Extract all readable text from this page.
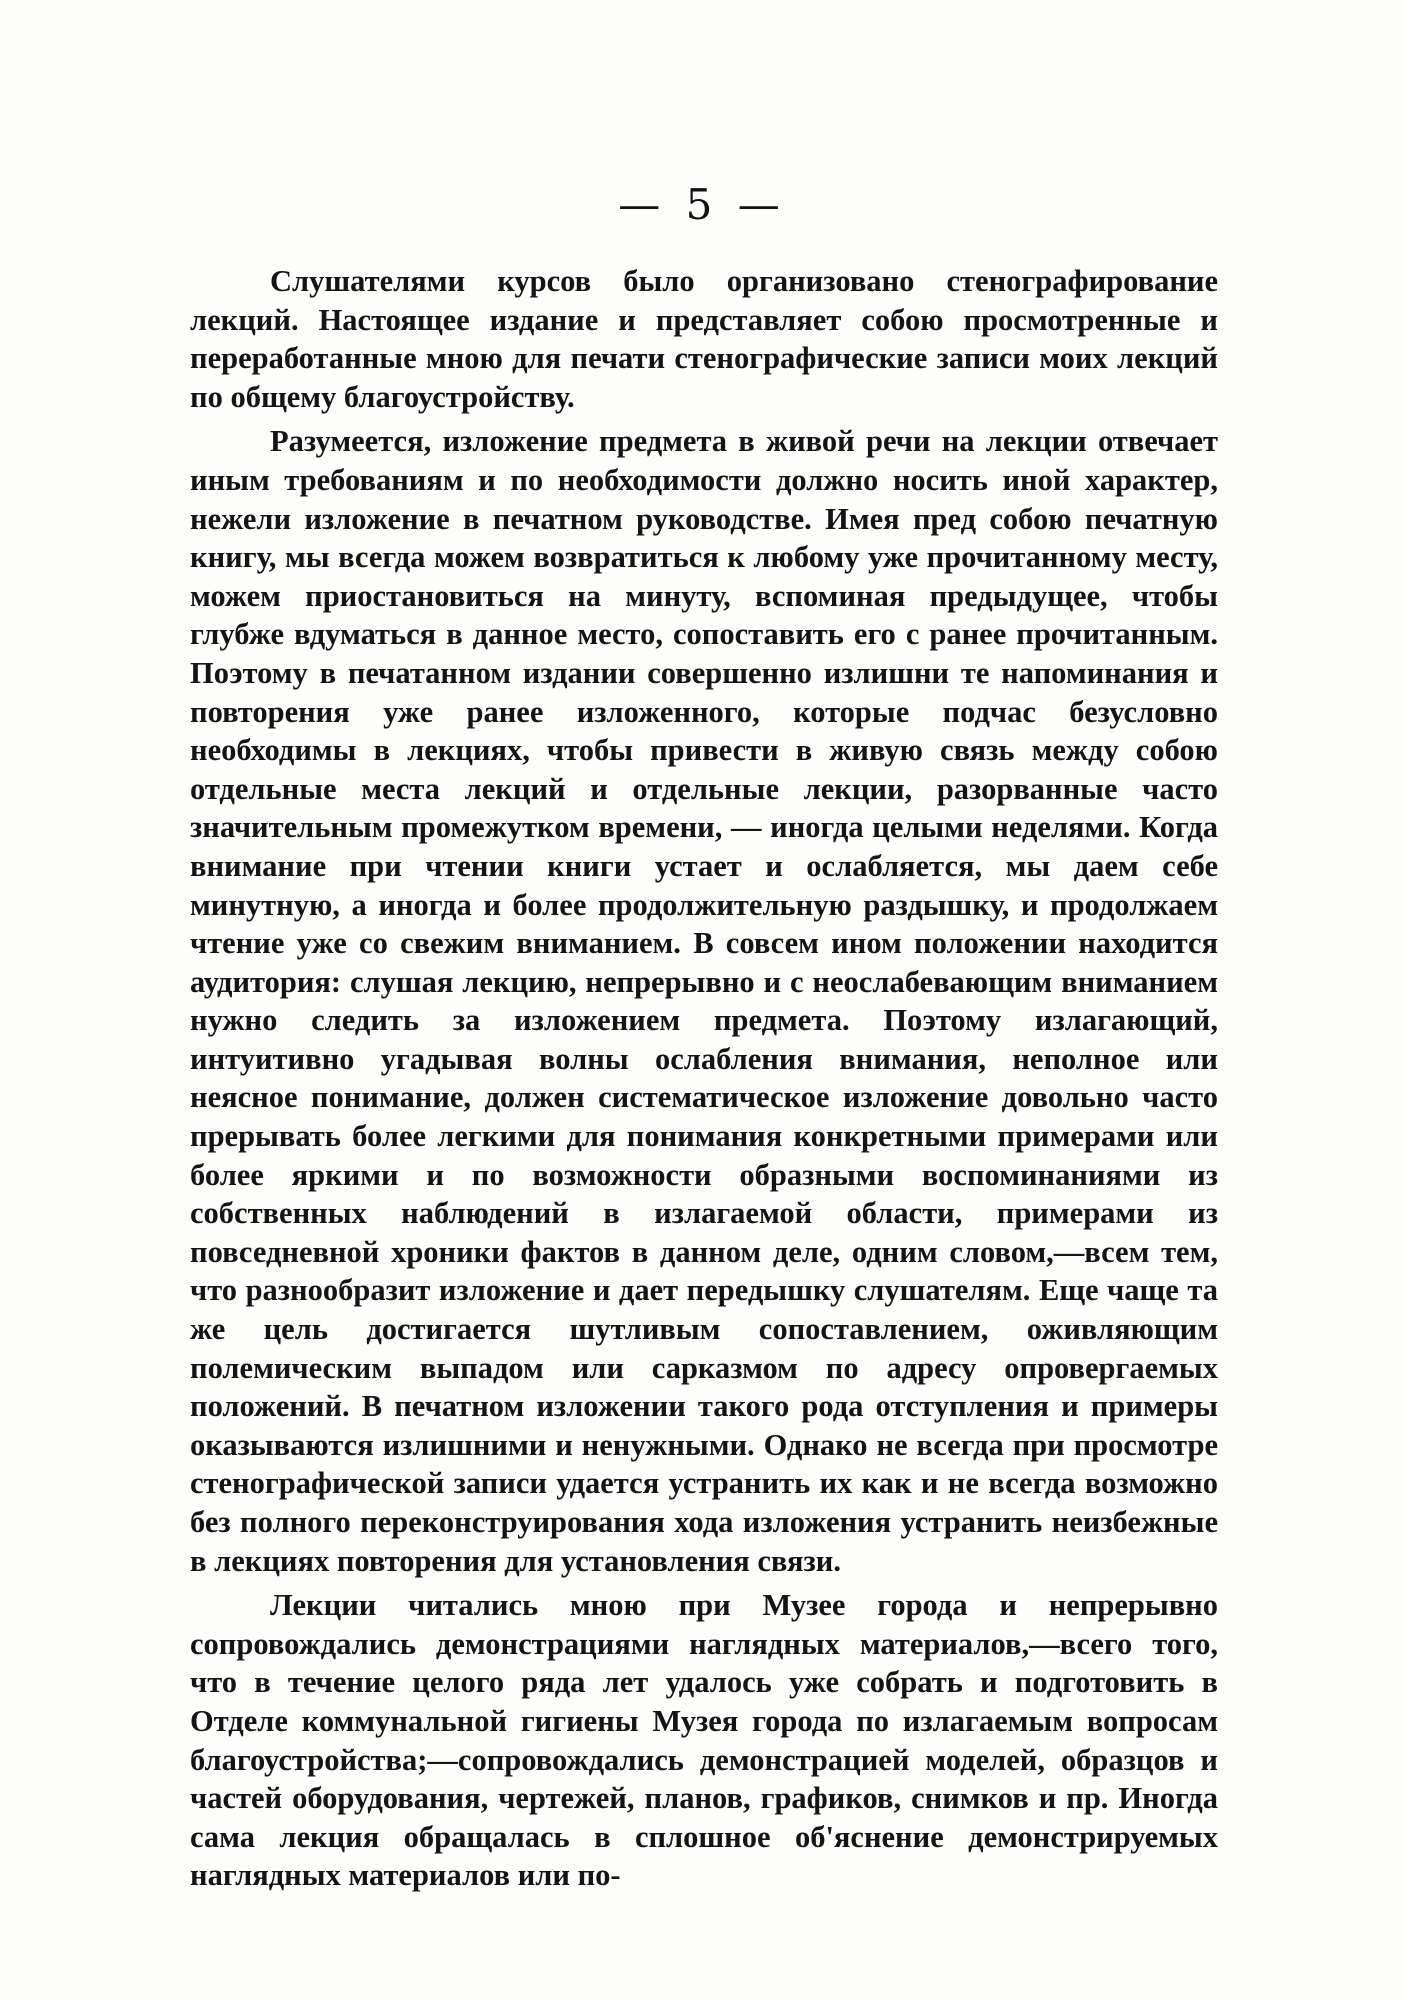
— 5 —

Слушателями курсов было организовано стенографирование лекций. Настоящее издание и представляет собою просмотренные и переработанные мною для печати стенографические записи моих лекций по общему благоустройству.

Разумеется, изложение предмета в живой речи на лекции отвечает иным требованиям и по необходимости должно носить иной характер, нежели изложение в печатном руководстве. Имея пред собою печатную книгу, мы всегда можем возвратиться к любому уже прочитанному месту, можем приостановиться на минуту, вспоминая предыдущее, чтобы глубже вдуматься в данное место, сопоставить его с ранее прочитанным. Поэтому в печатанном издании совершенно излишни те напоминания и повторения уже ранее изложенного, которые подчас безусловно необходимы в лекциях, чтобы привести в живую связь между собою отдельные места лекций и отдельные лекции, разорванные часто значительным промежутком времени, — иногда целыми неделями. Когда внимание при чтении книги устает и ослабляется, мы даем себе минутную, а иногда и более продолжительную раздышку, и продолжаем чтение уже со свежим вниманием. В совсем ином положении находится аудитория: слушая лекцию, непрерывно и с неослабевающим вниманием нужно следить за изложением предмета. Поэтому излагающий, интуитивно угадывая волны ослабления внимания, неполное или неясное понимание, должен систематическое изложение довольно часто прерывать более легкими для понимания конкретными примерами или более яркими и по возможности образными воспоминаниями из собственных наблюдений в излагаемой области, примерами из повседневной хроники фактов в данном деле, одним словом,—всем тем, что разнообразит изложение и дает передышку слушателям. Еще чаще та же цель достигается шутливым сопоставлением, оживляющим полемическим выпадом или сарказмом по адресу опровергаемых положений. В печатном изложении такого рода отступления и примеры оказываются излишними и ненужными. Однако не всегда при просмотре стенографической записи удается устранить их как и не всегда возможно без полного переконструирования хода изложения устранить неизбежные в лекциях повторения для установления связи.

Лекции читались мною при Музее города и непрерывно сопровождались демонстрациями наглядных материалов,—всего того, что в течение целого ряда лет удалось уже собрать и подготовить в Отделе коммунальной гигиены Музея города по излагаемым вопросам благоустройства;—сопровождались демонстрацией моделей, образцов и частей оборудования, чертежей, планов, графиков, снимков и пр. Иногда сама лекция обращалась в сплошное об'яснение демонстрируемых наглядных материалов или по-
